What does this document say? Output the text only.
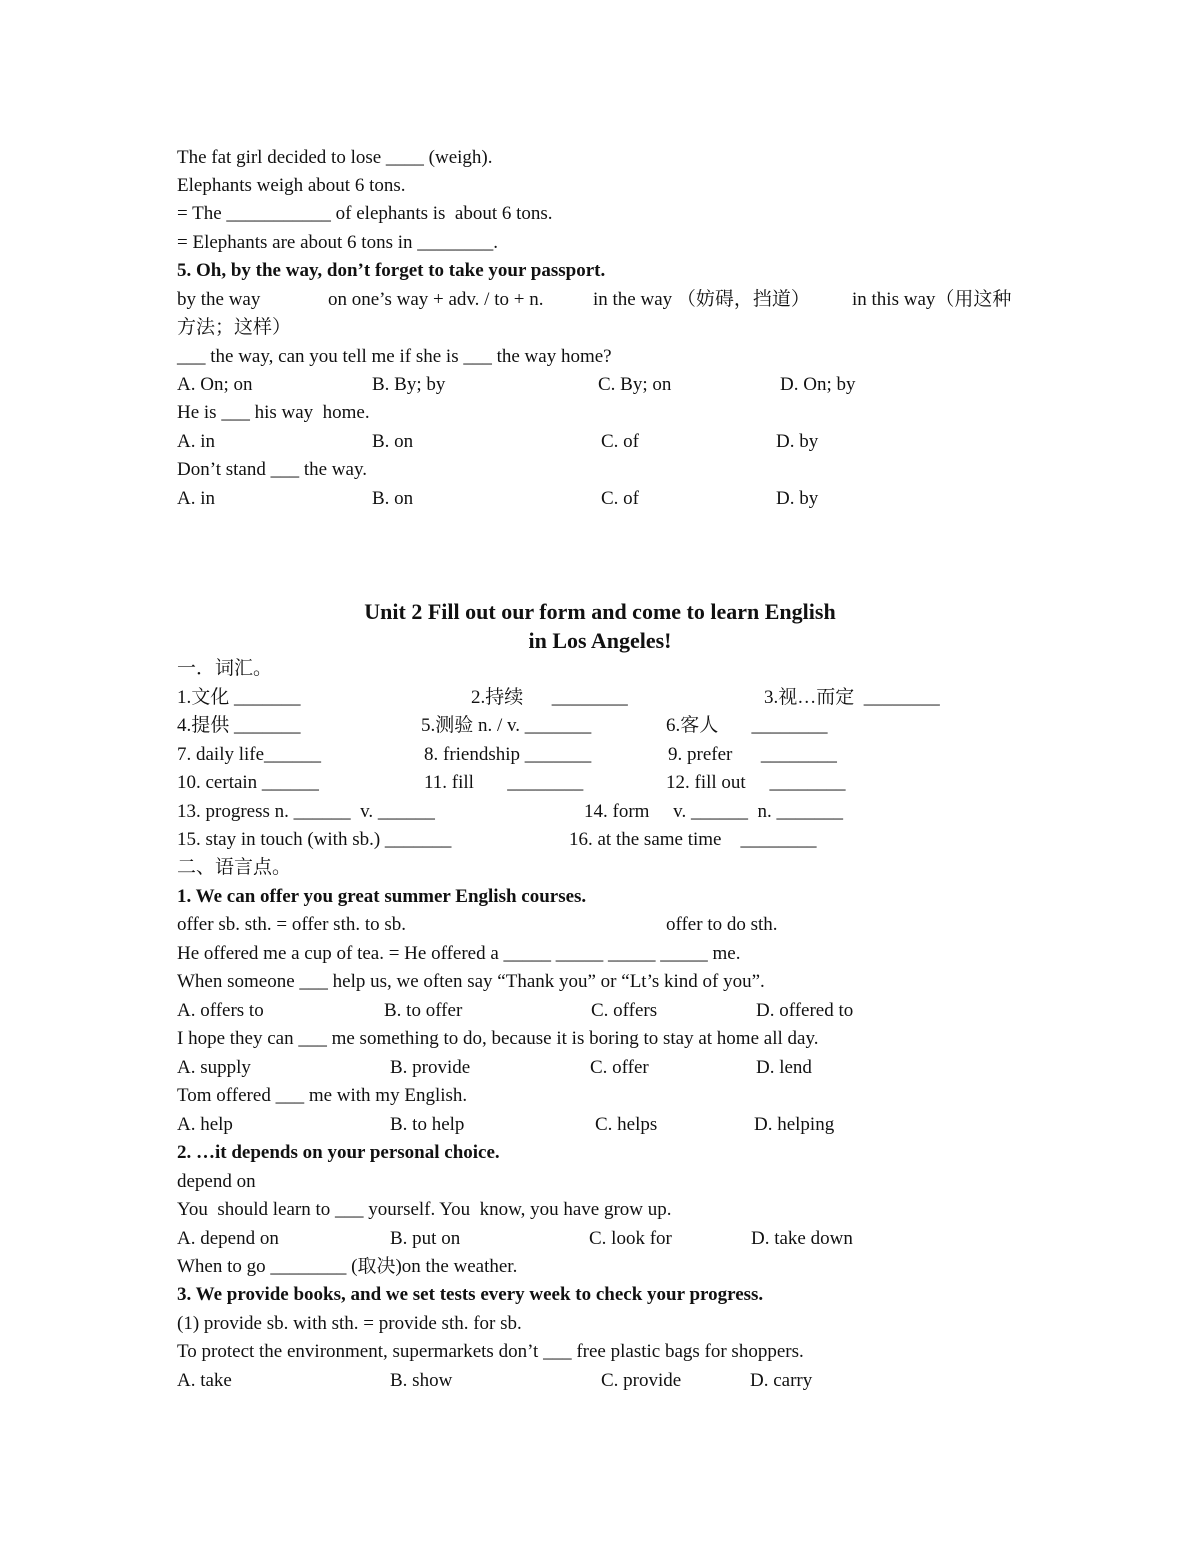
The fat girl decided to lose ____ (weigh).
Elephants weigh about 6 tons.
= The ___________ of elephants is  about 6 tons.
= Elephants are about 6 tons in ________.
5. Oh, by the way, don’t forget to take your passport.
by the way	on one’s way + adv. / to + n.	in the way （妨碍，挡道） in this way（用这种
方法；这样）
___ the way, can you tell me if she is ___ the way home?
A. On; on	B. By; by	C. By; on	D. On; by
He is ___ his way  home.
A. in	B. on	C. of	D. by
Don’t stand ___ the way.
A. in	B. on	C. of	D. by
Unit 2 Fill out our form and come to learn English
in Los Angeles!
一．词汇。
1.文化 _______	2.持续      ________	3.视…而定  ________
4.提供 _______	5.测验 n. / v. _______	6.客人       ________
7. daily life______	8. friendship _______	9. prefer      ________
10. certain ______	11. fill       ________	12. fill out     ________
13. progress n. ______  v. ______	14. form     v. ______  n. _______
15. stay in touch (with sb.) _______	16. at the same time    ________
二、语言点。
1. We can offer you great summer English courses.
offer sb. sth. = offer sth. to sb.	offer to do sth.
He offered me a cup of tea. = He offered a _____ _____ _____ _____ me.
When someone ___ help us, we often say “Thank you” or “Lt’s kind of you”.
A. offers to	B. to offer	C. offers	D. offered to
I hope they can ___ me something to do, because it is boring to stay at home all day.
A. supply	B. provide	C. offer	D. lend
Tom offered ___ me with my English.
A. help	B. to help	C. helps	D. helping
2. …it depends on your personal choice.
depend on
You  should learn to ___ yourself. You  know, you have grow up.
A. depend on	B. put on	C. look for	D. take down
When to go ________ (取决)on the weather.
3. We provide books, and we set tests every week to check your progress.
(1) provide sb. with sth. = provide sth. for sb.
To protect the environment, supermarkets don’t ___ free plastic bags for shoppers.
A. take	B. show	C. provide	D. carry
